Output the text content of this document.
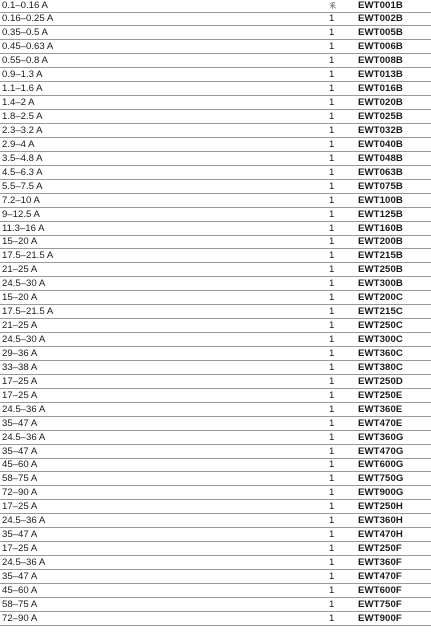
0.1–0.16 A	釆 EWT001B
0.16–0.25 A	1 EWT002B
0.35–0.5 A	1 EWT005B
0.45–0.63 A	1 EWT006B
0.55–0.8 A	1 EWT008B
0.9–1.3 A	1 EWT013B
1.1–1.6 A	1 EWT016B
1.4–2 A	1 EWT020B
1.8–2.5 A	1 EWT025B
2.3–3.2 A	1 EWT032B
2.9–4 A	1 EWT040B
3.5–4.8 A	1 EWT048B
4.5–6.3 A	1 EWT063B
5.5–7.5 A	1 EWT075B
7.2–10 A	1 EWT100B
9–12.5 A	1 EWT125B
11.3–16 A	1 EWT160B
15–20 A	1 EWT200B
17.5–21.5 A	1 EWT215B
21–25 A	1 EWT250B
24.5–30 A	1 EWT300B
15–20 A	1 EWT200C
17.5–21.5 A	1 EWT215C
21–25 A	1 EWT250C
24.5–30 A	1 EWT300C
29–36 A	1 EWT360C
33–38 A	1 EWT380C
17–25 A	1 EWT250D
17–25 A	1 EWT250E
24.5–36 A	1 EWT360E
35–47 A	1 EWT470E
24.5–36 A	1 EWT360G
35–47 A	1 EWT470G
45–60 A	1 EWT600G
58–75 A	1 EWT750G
72–90 A	1 EWT900G
17–25 A	1 EWT250H
24.5–36 A	1 EWT360H
35–47 A	1 EWT470H
17–25 A	1 EWT250F
24.5–36 A	1 EWT360F
35–47 A	1 EWT470F
45–60 A	1 EWT600F
58–75 A	1 EWT750F
72–90 A	1 EWT900F
